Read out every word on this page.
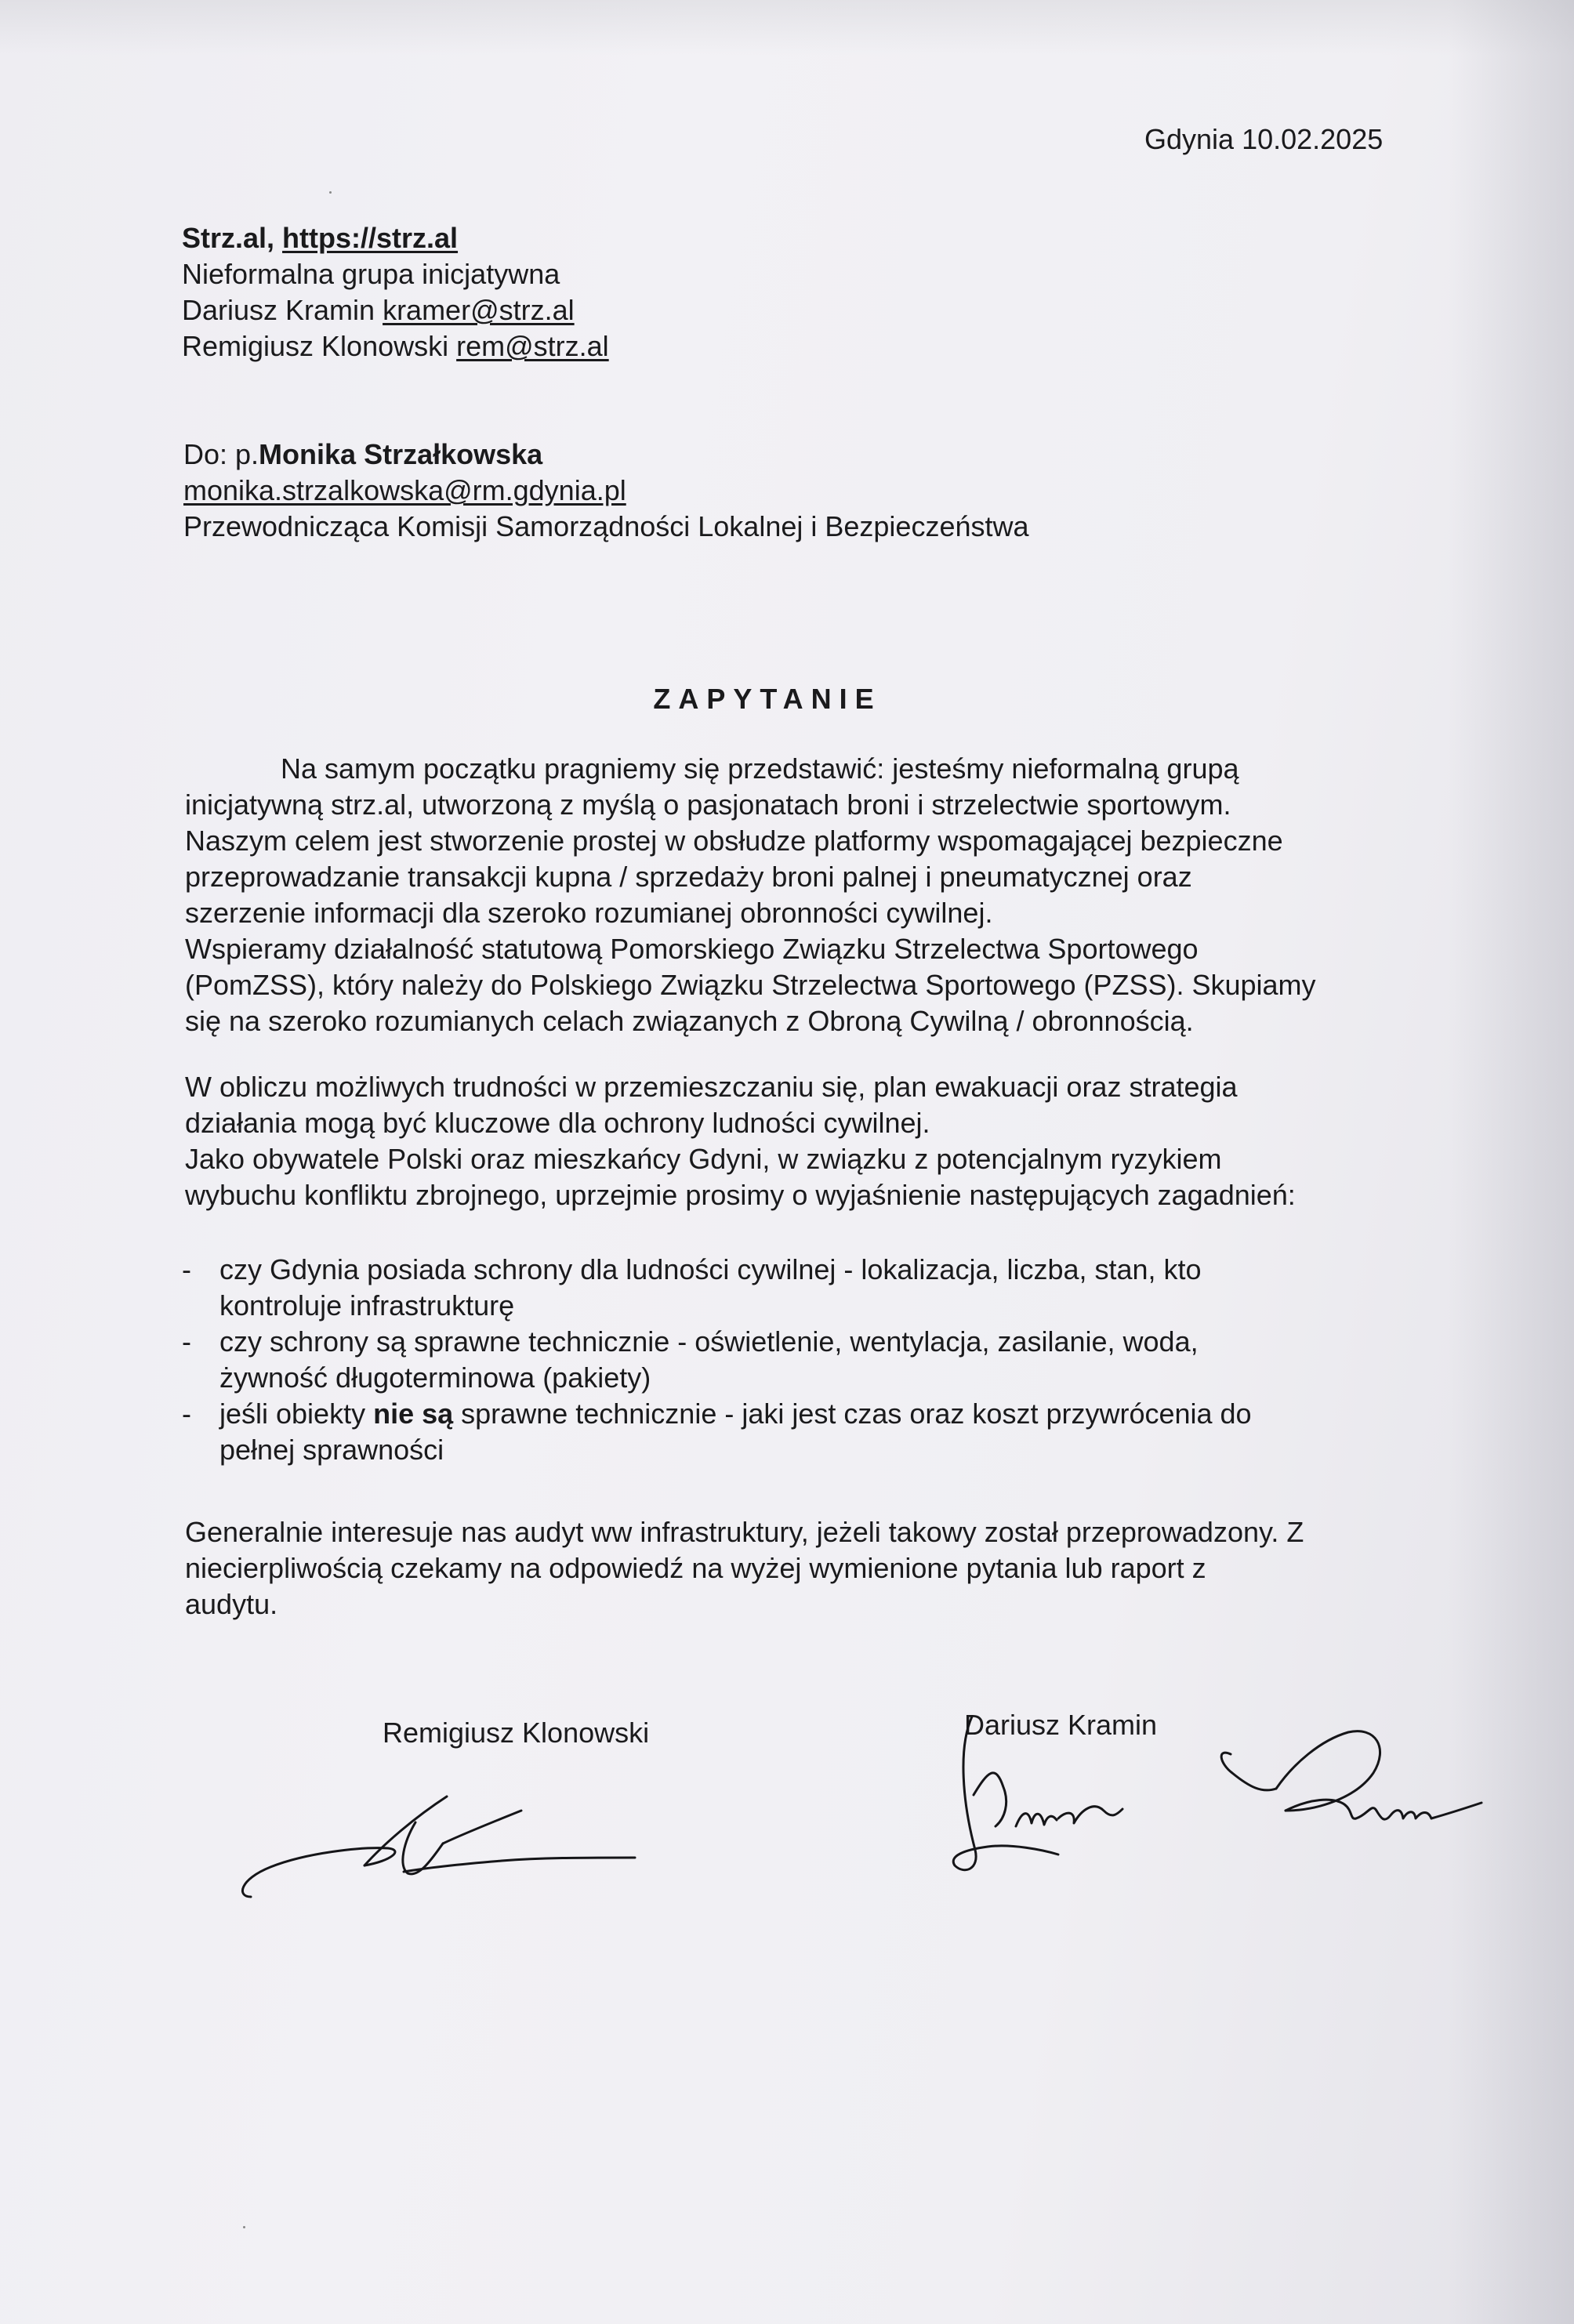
Gdynia 10.02.2025
Strz.al, https://strz.al
Nieformalna grupa inicjatywna
Dariusz Kramin kramer@strz.al
Remigiusz Klonowski rem@strz.al
Do: p.Monika Strzałkowska
monika.strzalkowska@rm.gdynia.pl
Przewodnicząca Komisji Samorządności Lokalnej i Bezpieczeństwa
ZAPYTANIE
Na samym początku pragniemy się przedstawić: jesteśmy nieformalną grupą
inicjatywną strz.al, utworzoną z myślą o pasjonatach broni i strzelectwie sportowym.
Naszym celem jest stworzenie prostej w obsłudze platformy wspomagającej bezpieczne
przeprowadzanie transakcji kupna / sprzedaży broni palnej i pneumatycznej oraz
szerzenie informacji dla szeroko rozumianej obronności cywilnej.
Wspieramy działalność statutową Pomorskiego Związku Strzelectwa Sportowego
(PomZSS), który należy do Polskiego Związku Strzelectwa Sportowego (PZSS). Skupiamy
się na szeroko rozumianych celach związanych z Obroną Cywilną / obronnością.
W obliczu możliwych trudności w przemieszczaniu się, plan ewakuacji oraz strategia
działania mogą być kluczowe dla ochrony ludności cywilnej.
Jako obywatele Polski oraz mieszkańcy Gdyni, w związku z potencjalnym ryzykiem
wybuchu konfliktu zbrojnego, uprzejmie prosimy o wyjaśnienie następujących zagadnień:
- czy Gdynia posiada schrony dla ludności cywilnej - lokalizacja, liczba, stan, kto
kontroluje infrastrukturę
- czy schrony są sprawne technicznie - oświetlenie, wentylacja, zasilanie, woda,
żywność długoterminowa (pakiety)
- jeśli obiekty nie są sprawne technicznie - jaki jest czas oraz koszt przywrócenia do
pełnej sprawności
Generalnie interesuje nas audyt ww infrastruktury, jeżeli takowy został przeprowadzony. Z
niecierpliwością czekamy na odpowiedź na wyżej wymienione pytania lub raport z
audytu.
Remigiusz Klonowski	Dariusz Kramin
